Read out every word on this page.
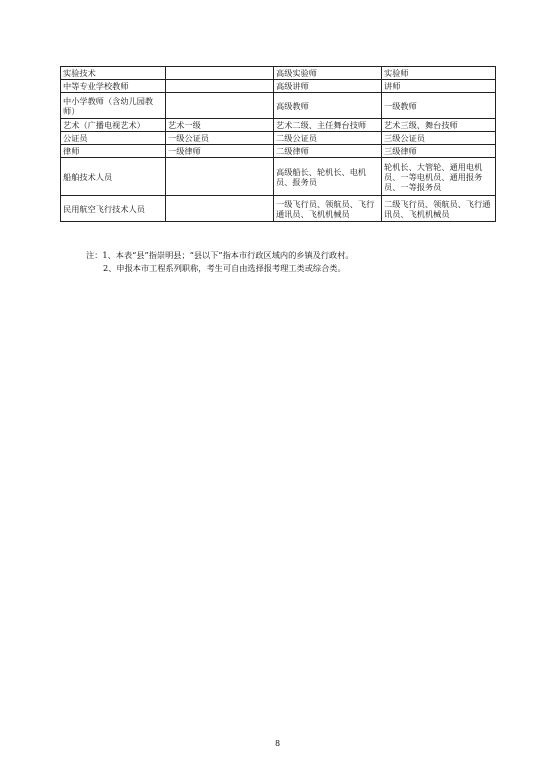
实验技术		高级实验师	实验师
中等专业学校教师		高级讲师	讲师
中小学教师（含幼儿园教师）		高级教师	一级教师
艺术（广播电视艺术）	艺术一级	艺术二级、主任舞台技师	艺术三级、舞台技师
公证员	一级公证员	二级公证员	三级公证员
律师	一级律师	二级律师	三级律师
船舶技术人员		高级船长、轮机长、电机员、报务员	轮机长、大管轮、通用电机员、一等电机员、通用报务员、一等报务员
民用航空飞行技术人员		一级飞行员、领航员、飞行通讯员、飞机机械员	二级飞行员、领航员、飞行通讯员、飞机机械员
注：1、本表“县”指崇明县；“县以下”指本市行政区域内的乡镇及行政村。
2、申报本市工程系列职称，考生可自由选择报考理工类或综合类。
8
